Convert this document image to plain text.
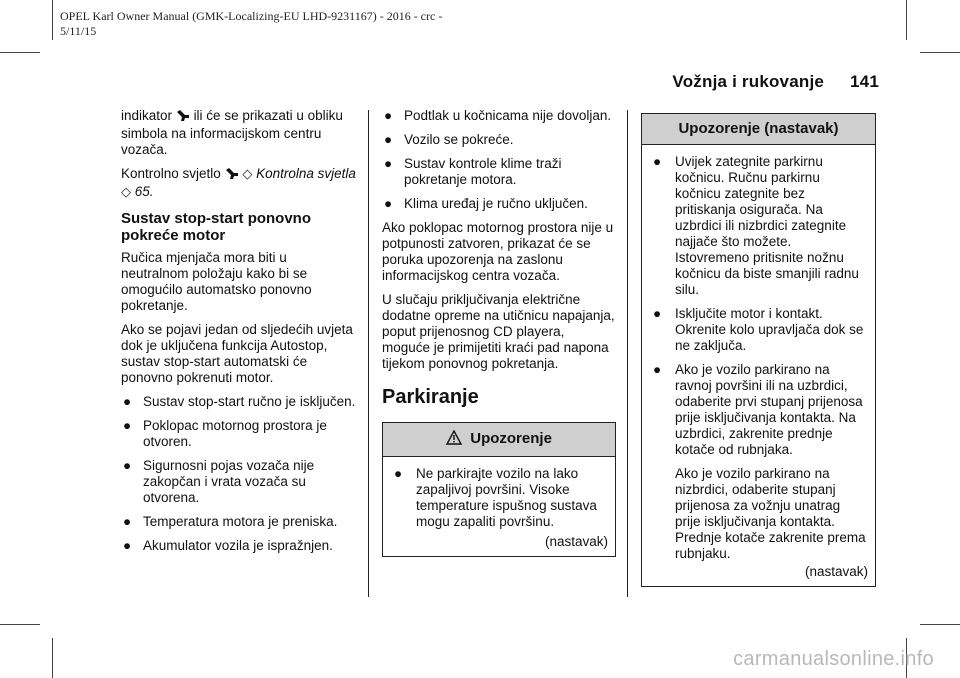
OPEL Karl Owner Manual (GMK-Localizing-EU LHD-9231167) - 2016 - crc -
5/11/15
Vožnja i rukovanje 141

indikator ili će se prikazati u obliku simbola na informacijskom centru vozača.

Kontrolno svjetlo ◇ Kontrolna svjetla ◇ 65.

Sustav stop-start ponovno pokreće motor

Ručica mjenjača mora biti u neutralnom položaju kako bi se omogućilo automatsko ponovno pokretanje.

Ako se pojavi jedan od sljedećih uvjeta dok je uključena funkcija Autostop, sustav stop-start automatski će ponovno pokrenuti motor.

● Sustav stop-start ručno je isključen.
● Poklopac motornog prostora je otvoren.
● Sigurnosni pojas vozača nije zakopčan i vrata vozača su otvorena.
● Temperatura motora je preniska.
● Akumulator vozila je ispražnjen.
● Podtlak u kočnicama nije dovoljan.
● Vozilo se pokreće.
● Sustav kontrole klime traži pokretanje motora.
● Klima uređaj je ručno uključen.

Ako poklopac motornog prostora nije u potpunosti zatvoren, prikazat će se poruka upozorenja na zaslonu informacijskog centra vozača.

U slučaju priključivanja električne dodatne opreme na utičnicu napajanja, poput prijenosnog CD playera, moguće je primijetiti kraći pad napona tijekom ponovnog pokretanja.

Parkiranje
Upozorenje
● Ne parkirajte vozilo na lako zapaljivoj površini. Visoke temperature ispušnog sustava mogu zapaliti površinu.

(nastavak)

Upozorenje (nastavak)
● Uvijek zategnite parkirnu kočnicu. Ručnu parkirnu kočnicu zategnite bez pritiskanja osigurača. Na uzbrdici ili nizbrdici zategnite najjače što možete. Istovremeno pritisnite nožnu kočnicu da biste smanjili radnu silu.
● Isključite motor i kontakt. Okrenite kolo upravljača dok se ne zaključa.
● Ako je vozilo parkirano na ravnoj površini ili na uzbrdici, odaberite prvi stupanj prijenosa prije isključivanja kontakta. Na uzbrdici, zakrenite prednje kotače od rubnjaka.

Ako je vozilo parkirano na nizbrdici, odaberite stupanj prijenosa za vožnju unatrag prije isključivanja kontakta. Prednje kotače zakrenite prema rubnjaku.

(nastavak)

carmanualsonline.info
